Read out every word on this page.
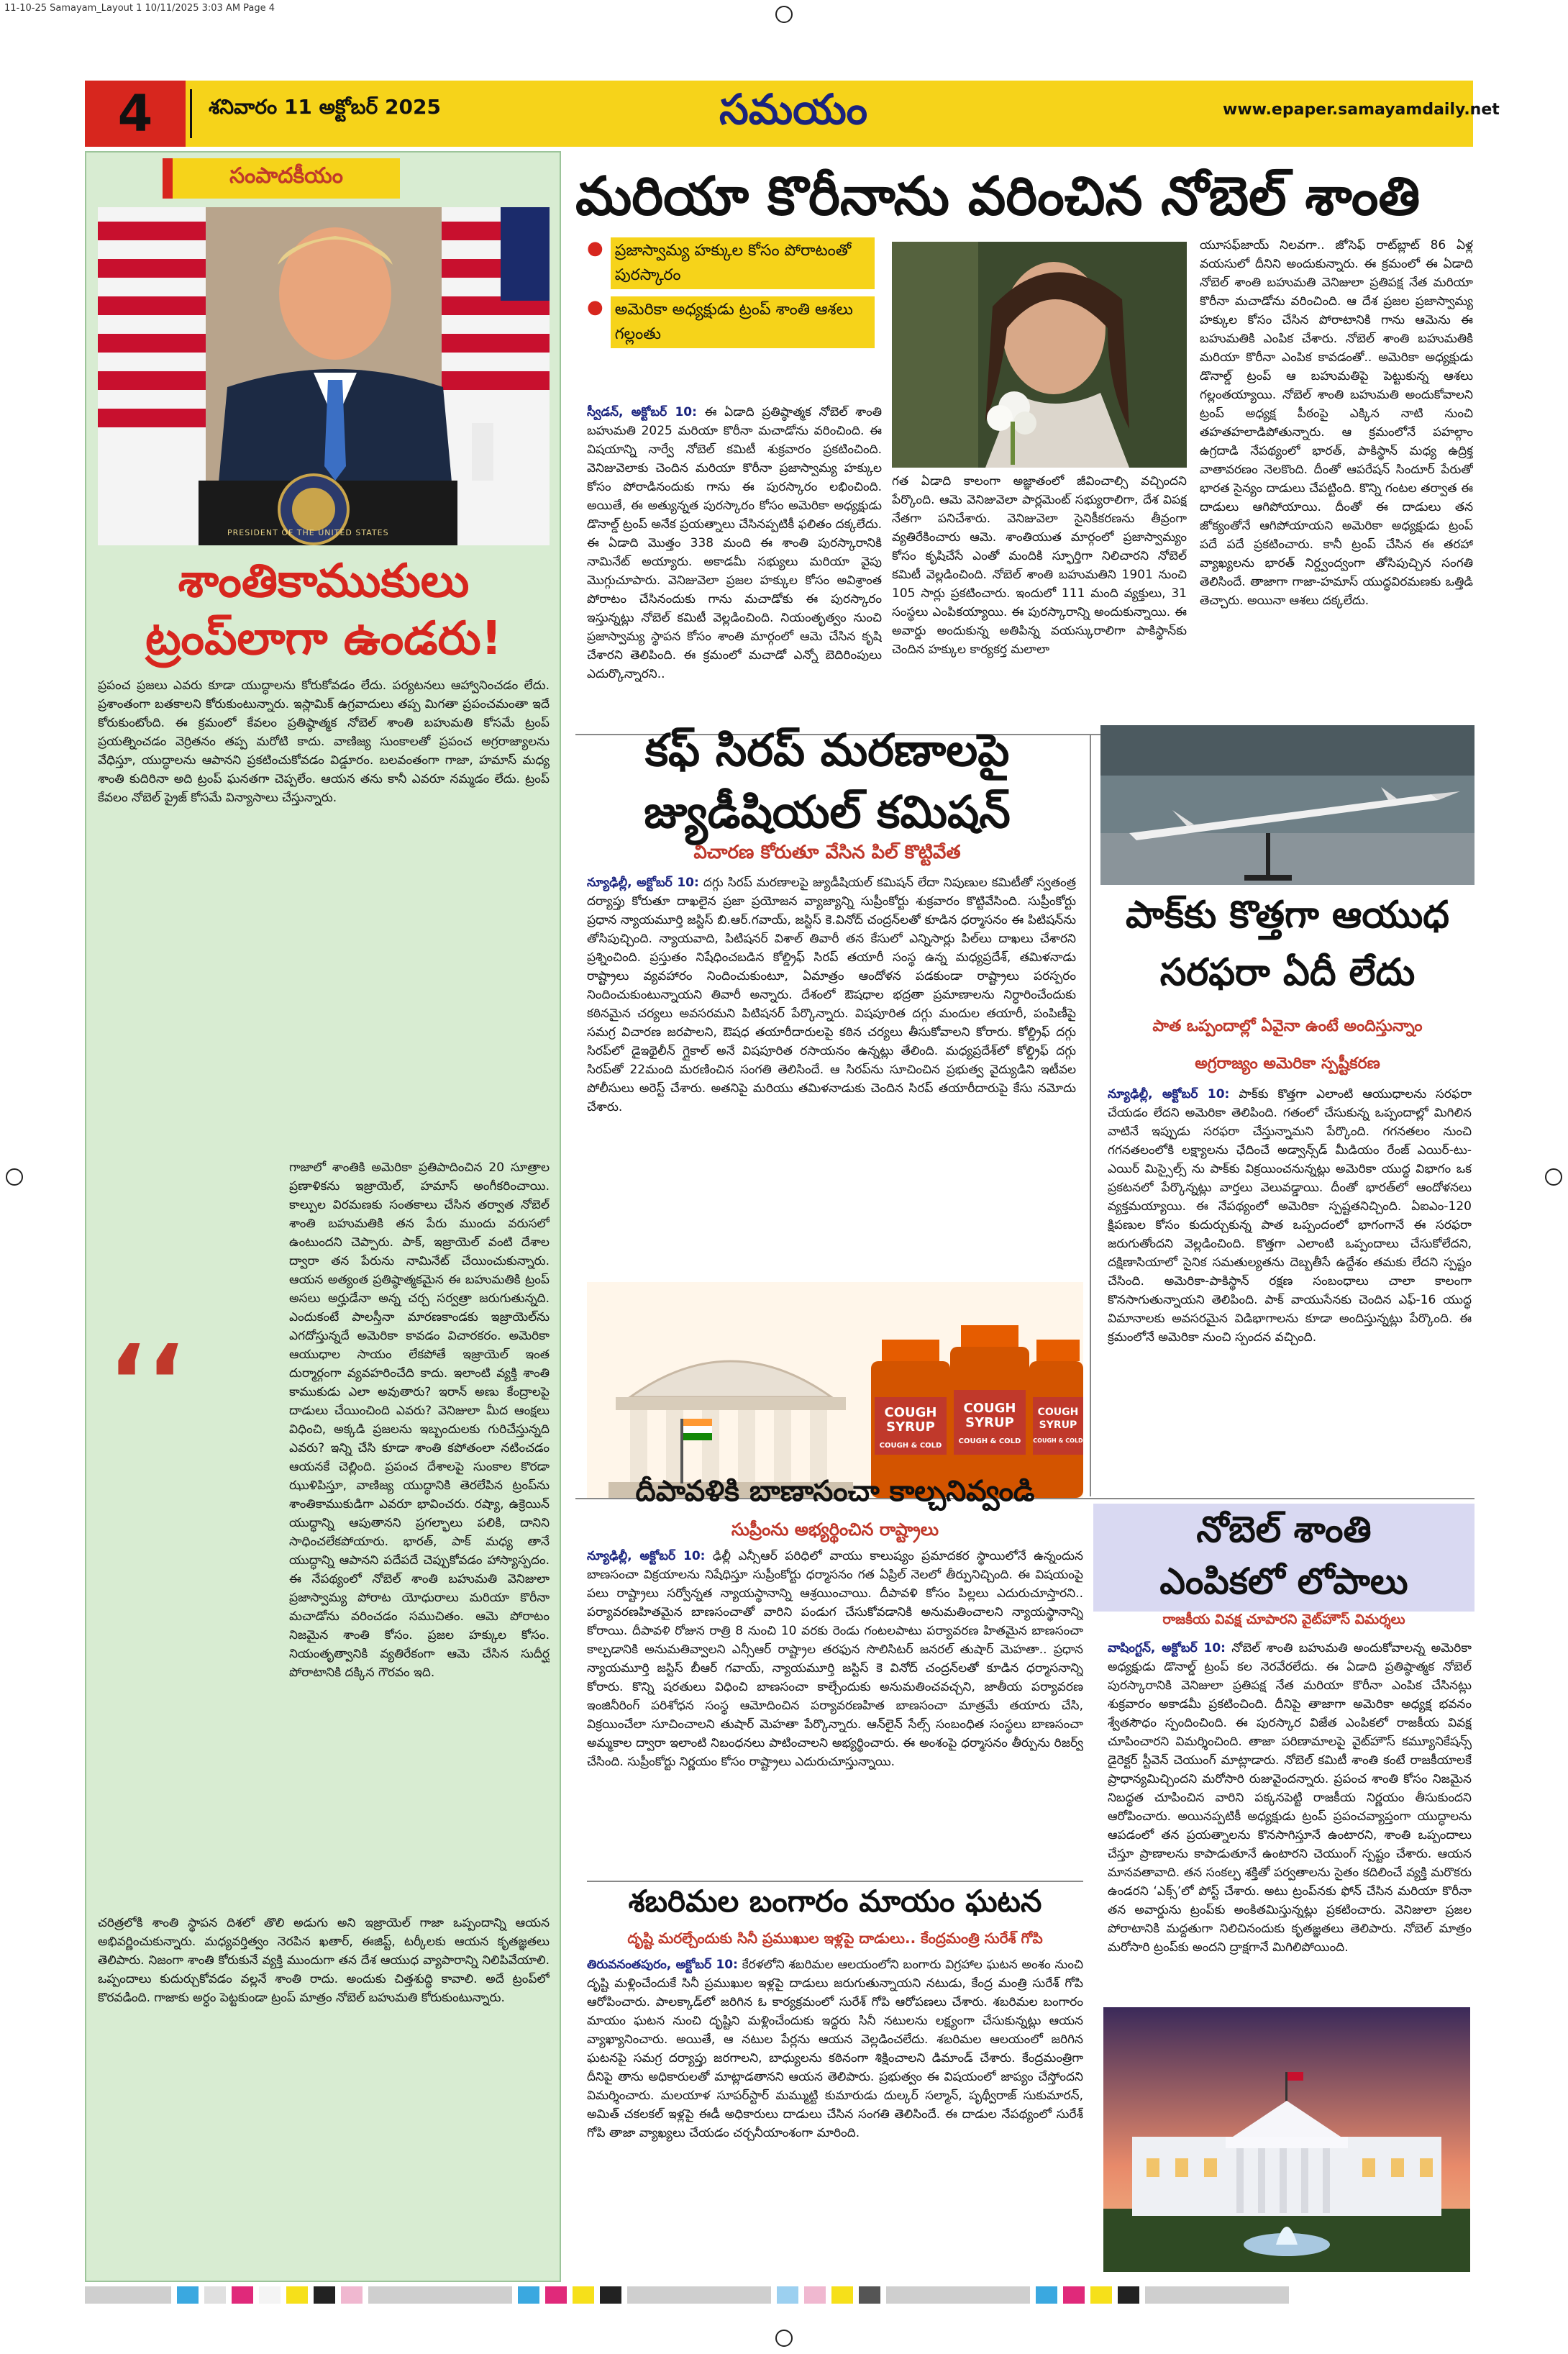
11-10-25 Samayam_Layout 1 10/11/2025 3:03 AM Page 4
4	శనివారం 11 అక్టోబర్ 2025	సమయం	www.epaper.samayamdaily.net
సంపాదకీయం
PRESIDENT OF THE UNITED STATES
శాంతికాముకులు
ట్రంప్‌లాగా ఉండరు!

ప్రపంచ ప్రజలు ఎవరు కూడా యుద్ధాలను కోరుకోవడం లేదు. పర్యటనలు ఆహ్వానించడం లేదు. ప్రశాంతంగా బతకాలని కోరుకుంటున్నారు. ఇస్లామిక్ ఉగ్రవాదులు తప్ప మిగతా ప్రపంచమంతా ఇదే కోరుకుంటోంది. ఈ క్రమంలో కేవలం ప్రతిష్ఠాత్మక నోబెల్ శాంతి బహుమతి కోసమే ట్రంప్ ప్రయత్నించడం వెర్రితనం తప్ప మరోటి కాదు. వాణిజ్య సుంకాలతో ప్రపంచ అగ్రరాజ్యాలను వేధిస్తూ, యుద్ధాలను ఆపానని ప్రకటించుకోవడం విడ్డూరం. బలవంతంగా గాజా, హమాస్ మధ్య శాంతి కుదిరినా అది ట్రంప్ ఘనతగా చెప్పలేం. ఆయన తను కానీ ఎవరూ నమ్మడం లేదు. ట్రంప్ కేవలం నోబెల్ ప్రైజ్ కోసమే విన్యాసాలు చేస్తున్నారు.

‘‘

గాజాలో శాంతికి అమెరికా ప్రతిపాదించిన 20 సూత్రాల ప్రణాళికను ఇజ్రాయెల్, హమాస్ అంగీకరించాయి. కాల్పుల విరమణకు సంతకాలు చేసిన తర్వాత నోబెల్ శాంతి బహుమతికి తన పేరు ముందు వరుసలో ఉంటుందని చెప్పారు. పాక్, ఇజ్రాయెల్ వంటి దేశాల ద్వారా తన పేరును నామినేట్ చేయించుకున్నారు. ఆయన అత్యంత ప్రతిష్ఠాత్మకమైన ఈ బహుమతికి ట్రంప్ అసలు అర్హుడేనా అన్న చర్చ సర్వత్రా జరుగుతున్నది. ఎందుకంటే పాలస్తీనా మారణకాండకు ఇజ్రాయెల్‌ను ఎగదోస్తున్నదే అమెరికా కావడం విచారకరం. అమెరికా ఆయుధాల సాయం లేకపోతే ఇజ్రాయెల్ ఇంత దుర్మార్గంగా వ్యవహరించేది కాదు. ఇలాంటి వ్యక్తి శాంతి కాముకుడు ఎలా అవుతారు? ఇరాన్ అణు కేంద్రాలపై దాడులు చేయించింది ఎవరు? వెనిజులా మీద ఆంక్షలు విధించి, అక్కడి ప్రజలను ఇబ్బందులకు గురిచేస్తున్నది ఎవరు? ఇన్ని చేసి కూడా శాంతి కపోతంలా నటించడం ఆయనకే చెల్లింది. ప్రపంచ దేశాలపై సుంకాల కొరడా ఝుళిపిస్తూ, వాణిజ్య యుద్ధానికి తెరలేపిన ట్రంప్‌ను శాంతికాముకుడిగా ఎవరూ భావించరు. రష్యా, ఉక్రెయిన్ యుద్ధాన్ని ఆపుతానని ప్రగల్భాలు పలికి, దానిని సాధించలేకపోయారు. భారత్, పాక్ మధ్య తానే యుద్ధాన్ని ఆపానని పదేపదే చెప్పుకోవడం హాస్యాస్పదం. ఈ నేపథ్యంలో నోబెల్ శాంతి బహుమతి వెనిజులా ప్రజాస్వామ్య పోరాట యోధురాలు మరియా కొరీనా మచాడోను వరించడం సముచితం. ఆమె పోరాటం నిజమైన శాంతి కోసం. ప్రజల హక్కుల కోసం. నియంతృత్వానికి వ్యతిరేకంగా ఆమె చేసిన సుదీర్ఘ పోరాటానికి దక్కిన గౌరవం ఇది.

చరిత్రలోకి శాంతి స్థాపన దిశలో తొలి అడుగు అని ఇజ్రాయెల్ గాజా ఒప్పందాన్ని ఆయన అభివర్ణించుకున్నారు. మధ్యవర్తిత్వం నెరపిన ఖతార్, ఈజిప్ట్, టర్కీలకు ఆయన కృతజ్ఞతలు తెలిపారు. నిజంగా శాంతి కోరుకునే వ్యక్తి ముందుగా తన దేశ ఆయుధ వ్యాపారాన్ని నిలిపివేయాలి. ఒప్పందాలు కుదుర్చుకోవడం వల్లనే శాంతి రాదు. అందుకు చిత్తశుద్ధి కావాలి. అదే ట్రంప్‌లో కొరవడింది. గాజాకు అర్ధం పెట్టకుండా ట్రంప్ మాత్రం నోబెల్ బహుమతి కోరుకుంటున్నారు.

మరియా కొరీనాను వరించిన నోబెల్ శాంతి
● ప్రజాస్వామ్య హక్కుల కోసం పోరాటంతో పురస్కారం
● అమెరికా అధ్యక్షుడు ట్రంప్ శాంతి ఆశలు గల్లంతు
స్వీడన్, అక్టోబర్ 10: ఈ ఏడాది ప్రతిష్ఠాత్మక నోబెల్ శాంతి బహుమతి 2025 మరియా కొరీనా మచాడోను వరించింది. ఈ విషయాన్ని నార్వే నోబెల్ కమిటీ శుక్రవారం ప్రకటించింది. వెనిజువెలాకు చెందిన మరియా కొరీనా ప్రజాస్వామ్య హక్కుల కోసం పోరాడినందుకు గాను ఈ పురస్కారం లభించింది. అయితే, ఈ అత్యున్నత పురస్కారం కోసం అమెరికా అధ్యక్షుడు డొనాల్డ్ ట్రంప్ అనేక ప్రయత్నాలు చేసినప్పటికీ ఫలితం దక్కలేదు. ఈ ఏడాది మొత్తం 338 మంది ఈ శాంతి పురస్కారానికి నామినేట్ అయ్యారు. అకాడమీ సభ్యులు మరియా వైపు మొగ్గుచూపారు. వెనిజువెలా ప్రజల హక్కుల కోసం అవిశ్రాంత పోరాటం చేసినందుకు గాను మచాడోకు ఈ పురస్కారం ఇస్తున్నట్లు నోబెల్ కమిటీ వెల్లడించింది. నియంతృత్వం నుంచి ప్రజాస్వామ్య స్థాపన కోసం శాంతి మార్గంలో ఆమె చేసిన కృషి చేశారని తెలిపింది. ఈ క్రమంలో మచాడో ఎన్నో బెదిరింపులు ఎదుర్కొన్నారని..

గత ఏడాది కాలంగా అజ్ఞాతంలో జీవించాల్సి వచ్చిందని పేర్కొంది. ఆమె వెనిజువెలా పార్లమెంట్ సభ్యురాలిగా, దేశ విపక్ష నేతగా పనిచేశారు. వెనిజువెలా సైనికీకరణను తీవ్రంగా వ్యతిరేకించారు ఆమె. శాంతియుత మార్గంలో ప్రజాస్వామ్యం కోసం కృషిచేసే ఎంతో మందికి స్ఫూర్తిగా నిలిచారని నోబెల్ కమిటీ వెల్లడించింది. నోబెల్ శాంతి బహుమతిని 1901 నుంచి 105 సార్లు ప్రకటించారు. ఇందులో 111 మంది వ్యక్తులు, 31 సంస్థలు ఎంపికయ్యాయి. ఈ పురస్కారాన్ని అందుకున్నాయి. ఈ అవార్డు అందుకున్న అతిపిన్న వయస్కురాలిగా పాకిస్థాన్‌కు చెందిన హక్కుల కార్యకర్త మలాలా

యూసఫ్‌జాయ్ నిలవగా.. జోసెఫ్ రాట్‌బ్లాట్ 86 ఏళ్ల వయసులో దీనిని అందుకున్నారు. ఈ క్రమంలో ఈ ఏడాది నోబెల్ శాంతి బహుమతి వెనిజులా ప్రతిపక్ష నేత మరియా కొరీనా మచాడోను వరించింది. ఆ దేశ ప్రజల ప్రజాస్వామ్య హక్కుల కోసం చేసిన పోరాటానికి గాను ఆమెను ఈ బహుమతికి ఎంపిక చేశారు. నోబెల్ శాంతి బహుమతికి మరియా కొరీనా ఎంపిక కావడంతో.. అమెరికా అధ్యక్షుడు డొనాల్డ్ ట్రంప్ ఆ బహుమతిపై పెట్టుకున్న ఆశలు గల్లంతయ్యాయి. నోబెల్ శాంతి బహుమతి అందుకోవాలని ట్రంప్ అధ్యక్ష పీఠంపై ఎక్కిన నాటి నుంచి తహతహలాడిపోతున్నారు. ఆ క్రమంలోనే పహల్గాం ఉగ్రదాడి నేపథ్యంలో భారత్, పాకిస్థాన్ మధ్య ఉద్రిక్త వాతావరణం నెలకొంది. దీంతో ఆపరేషన్ సిందూర్ పేరుతో భారత సైన్యం దాడులు చేపట్టింది. కొన్ని గంటల తర్వాత ఈ దాడులు ఆగిపోయాయి. దీంతో ఈ దాడులు తన జోక్యంతోనే ఆగిపోయాయని అమెరికా అధ్యక్షుడు ట్రంప్ పదే పదే ప్రకటించారు. కానీ ట్రంప్ చేసిన ఈ తరహా వ్యాఖ్యలను భారత్ నిర్ద్వంద్వంగా తోసిపుచ్చిన సంగతి తెలిసిందే. తాజాగా గాజా-హమాస్ యుద్ధవిరమణకు ఒత్తిడి తెచ్చారు. అయినా ఆశలు దక్కలేదు.

కఫ్ సిరప్ మరణాలపై
జ్యుడీషియల్ కమిషన్
విచారణ కోరుతూ వేసిన పిల్ కొట్టివేత
న్యూఢిల్లీ, అక్టోబర్ 10: దగ్గు సిరప్ మరణాలపై జ్యుడీషియల్ కమిషన్ లేదా నిపుణుల కమిటీతో స్వతంత్ర దర్యాప్తు కోరుతూ దాఖలైన ప్రజా ప్రయోజన వ్యాజ్యాన్ని సుప్రీంకోర్టు శుక్రవారం కొట్టివేసింది. సుప్రీంకోర్టు ప్రధాన న్యాయమూర్తి జస్టిస్ బి.ఆర్.గవాయ్, జస్టిస్ కె.వినోద్ చంద్రన్‌లతో కూడిన ధర్మాసనం ఈ పిటిషన్‌ను తోసిపుచ్చింది. న్యాయవాది, పిటిషనర్ విశాల్ తివారీ తన కేసులో ఎన్నిసార్లు పిల్‌లు దాఖలు చేశారని ప్రశ్నించింది. ప్రస్తుతం నిషేధించబడిన కోల్డ్రిఫ్ సిరప్ తయారీ సంస్థ ఉన్న మధ్యప్రదేశ్, తమిళనాడు రాష్ట్రాలు వ్యవహారం నిందించుకుంటూ, ఏమాత్రం ఆందోళన పడకుండా రాష్ట్రాలు పరస్పరం నిందించుకుంటున్నాయని తివారీ అన్నారు. దేశంలో ఔషధాల భద్రతా ప్రమాణాలను నిర్ధారించేందుకు కఠినమైన చర్యలు అవసరమని పిటిషనర్ పేర్కొన్నారు. విషపూరిత దగ్గు మందుల తయారీ, పంపిణీపై సమగ్ర విచారణ జరపాలని, ఔషధ తయారీదారులపై కఠిన చర్యలు తీసుకోవాలని కోరారు. కోల్డ్రిఫ్ దగ్గు సిరప్‌లో డైఇథైలీన్ గ్లైకాల్ అనే విషపూరిత రసాయనం ఉన్నట్లు తేలింది. మధ్యప్రదేశ్‌లో కోల్డ్రిఫ్ దగ్గు సిరప్‌తో 22మంది మరణించిన సంగతి తెలిసిందే. ఆ సిరప్‌ను సూచించిన ప్రభుత్వ వైద్యుడిని ఇటీవల పోలీసులు అరెస్ట్ చేశారు. అతనిపై మరియు తమిళనాడుకు చెందిన సిరప్ తయారీదారుపై కేసు నమోదు చేశారు.
COUGH SYRUP
COUGH & COLD
COUGH SYRUP
COUGH & COLD
COUGH SYRUP
COUGH & COLD
పాక్‌కు కొత్తగా ఆయుధ
సరఫరా ఏదీ లేదు
పాత ఒప్పందాల్లో ఏవైనా ఉంటే అందిస్తున్నాం
అగ్రరాజ్యం అమెరికా స్పష్టీకరణ
న్యూఢిల్లీ, అక్టోబర్ 10: పాక్‌కు కొత్తగా ఎలాంటి ఆయుధాలను సరఫరా చేయడం లేదని అమెరికా తెలిపింది. గతంలో చేసుకున్న ఒప్పందాల్లో మిగిలిన వాటినే ఇప్పుడు సరఫరా చేస్తున్నామని పేర్కొంది. గగనతలం నుంచి గగనతలంలోకి లక్ష్యాలను ఛేదించే అడ్వాన్స్‌డ్ మీడియం రేంజ్ ఎయిర్-టు-ఎయిర్ మిస్సైల్స్ ను పాక్‌కు విక్రయించనున్నట్లు అమెరికా యుద్ధ విభాగం ఒక ప్రకటనలో పేర్కొన్నట్లు వార్తలు వెలువడ్డాయి. దీంతో భారత్‌లో ఆందోళనలు వ్యక్తమయ్యాయి. ఈ నేపథ్యంలో అమెరికా స్పష్టతనిచ్చింది. ఏఐఎం-120 క్షిపణుల కోసం కుదుర్చుకున్న పాత ఒప్పందంలో భాగంగానే ఈ సరఫరా జరుగుతోందని వెల్లడించింది. కొత్తగా ఎలాంటి ఒప్పందాలు చేసుకోలేదని, దక్షిణాసియాలో సైనిక సమతుల్యతను దెబ్బతీసే ఉద్దేశం తమకు లేదని స్పష్టం చేసింది. అమెరికా-పాకిస్థాన్ రక్షణ సంబంధాలు చాలా కాలంగా కొనసాగుతున్నాయని తెలిపింది. పాక్ వాయుసేనకు చెందిన ఎఫ్-16 యుద్ధ విమానాలకు అవసరమైన విడిభాగాలను కూడా అందిస్తున్నట్లు పేర్కొంది. ఈ క్రమంలోనే అమెరికా నుంచి స్పందన వచ్చింది.
దీపావళికి బాణాసంచా కాల్చనివ్వండి
సుప్రీంను అభ్యర్థించిన రాష్ట్రాలు
న్యూఢిల్లీ, అక్టోబర్ 10: ఢిల్లీ ఎన్సీఆర్ పరిధిలో వాయు కాలుష్యం ప్రమాదకర స్థాయిలోనే ఉన్నందున బాణసంచా విక్రయాలను నిషేధిస్తూ సుప్రీంకోర్టు ధర్మాసనం గత ఏప్రిల్ నెలలో తీర్పునిచ్చింది. ఈ విషయంపై పలు రాష్ట్రాలు సర్వోన్నత న్యాయస్థానాన్ని ఆశ్రయించాయి. దీపావళి కోసం పిల్లలు ఎదురుచూస్తారని.. పర్యావరణహితమైన బాణసంచాతో వారిని పండుగ చేసుకోవడానికి అనుమతించాలని న్యాయస్థానాన్ని కోరాయి. దీపావళి రోజున రాత్రి 8 నుంచి 10 వరకు రెండు గంటలపాటు పర్యావరణ హితమైన బాణసంచా కాల్చడానికి అనుమతివ్వాలని ఎన్సీఆర్ రాష్ట్రాల తరఫున సొలిసిటర్ జనరల్ తుషార్ మెహతా.. ప్రధాన న్యాయమూర్తి జస్టిస్ బీఆర్ గవాయ్, న్యాయమూర్తి జస్టిస్ కె వినోద్ చంద్రన్‌లతో కూడిన ధర్మాసనాన్ని కోరారు. కొన్ని షరతులు విధించి బాణసంచా కాల్చేందుకు అనుమతించవచ్చని, జాతీయ పర్యావరణ ఇంజినీరింగ్ పరిశోధన సంస్థ ఆమోదించిన పర్యావరణహిత బాణసంచా మాత్రమే తయారు చేసి, విక్రయించేలా సూచించాలని తుషార్ మెహతా పేర్కొన్నారు. ఆన్‌లైన్ సేల్స్ సంబంధిత సంస్థలు బాణసంచా అమ్మకాల ద్వారా ఇలాంటి నిబంధనలు పాటించాలని అభ్యర్థించారు. ఈ అంశంపై ధర్మాసనం తీర్పును రిజర్వ్ చేసింది. సుప్రీంకోర్టు నిర్ణయం కోసం రాష్ట్రాలు ఎదురుచూస్తున్నాయి.
శబరిమల బంగారం మాయం ఘటన
దృష్టి మరల్చేందుకు సినీ ప్రముఖుల ఇళ్లపై దాడులు.. కేంద్రమంత్రి సురేశ్ గోపి
తిరువనంతపురం, అక్టోబర్ 10: కేరళలోని శబరిమల ఆలయంలోని బంగారు విగ్రహాల ఘటన అంశం నుంచి దృష్టి మళ్లించేందుకే సినీ ప్రముఖుల ఇళ్లపై దాడులు జరుగుతున్నాయని నటుడు, కేంద్ర మంత్రి సురేశ్ గోపి ఆరోపించారు. పాలక్కాడ్‌లో జరిగిన ఓ కార్యక్రమంలో సురేశ్ గోపి ఆరోపణలు చేశారు. శబరిమల బంగారం మాయం ఘటన నుంచి దృష్టిని మళ్లించేందుకు ఇద్దరు సినీ నటులను లక్ష్యంగా చేసుకున్నట్లు ఆయన వ్యాఖ్యానించారు. అయితే, ఆ నటుల పేర్లను ఆయన వెల్లడించలేదు. శబరిమల ఆలయంలో జరిగిన ఘటనపై సమగ్ర దర్యాప్తు జరగాలని, బాధ్యులను కఠినంగా శిక్షించాలని డిమాండ్ చేశారు. కేంద్రమంత్రిగా దీనిపై తాను అధికారులతో మాట్లాడతానని ఆయన తెలిపారు. ప్రభుత్వం ఈ విషయంలో జాప్యం చేస్తోందని విమర్శించారు. మలయాళ సూపర్‌స్టార్ మమ్ముట్టి కుమారుడు దుల్కర్ సల్మాన్, పృథ్వీరాజ్ సుకుమారన్, అమిత్ చకలకల్ ఇళ్లపై ఈడీ అధికారులు దాడులు చేసిన సంగతి తెలిసిందే. ఈ దాడుల నేపథ్యంలో సురేశ్ గోపి తాజా వ్యాఖ్యలు చేయడం చర్చనీయాంశంగా మారింది.
నోబెల్ శాంతి
ఎంపికలో లోపాలు
రాజకీయ వివక్ష చూపారని వైట్‌హౌస్ విమర్శలు
వాషింగ్టన్, అక్టోబర్ 10: నోబెల్ శాంతి బహుమతి అందుకోవాలన్న అమెరికా అధ్యక్షుడు డొనాల్డ్ ట్రంప్ కల నెరవేరలేదు. ఈ ఏడాది ప్రతిష్ఠాత్మక నోబెల్ పురస్కారానికి వెనిజులా ప్రతిపక్ష నేత మరియా కొరీనా ఎంపిక చేసినట్లు శుక్రవారం అకాడమీ ప్రకటించింది. దీనిపై తాజాగా అమెరికా అధ్యక్ష భవనం శ్వేతసౌధం స్పందించింది. ఈ పురస్కార విజేత ఎంపికలో రాజకీయ వివక్ష చూపించారని విమర్శించింది. తాజా పరిణామాలపై వైట్‌హౌస్ కమ్యూనికేషన్స్ డైరెక్టర్ స్టీవెన్ చెయుంగ్ మాట్లాడారు. నోబెల్ కమిటీ శాంతి కంటే రాజకీయాలకే ప్రాధాన్యమిచ్చిందని మరోసారి రుజువైందన్నారు. ప్రపంచ శాంతి కోసం నిజమైన నిబద్ధత చూపించిన వారిని పక్కనపెట్టి రాజకీయ నిర్ణయం తీసుకుందని ఆరోపించారు. అయినప్పటికీ అధ్యక్షుడు ట్రంప్ ప్రపంచవ్యాప్తంగా యుద్ధాలను ఆపడంలో తన ప్రయత్నాలను కొనసాగిస్తూనే ఉంటారని, శాంతి ఒప్పందాలు చేస్తూ ప్రాణాలను కాపాడుతూనే ఉంటారని చెయుంగ్ స్పష్టం చేశారు. ఆయన మానవతావాది. తన సంకల్ప శక్తితో పర్వతాలను సైతం కదిలించే వ్యక్తి మరొకరు ఉండరని ‘ఎక్స్’లో పోస్ట్ చేశారు. అటు ట్రంప్‌నకు ఫోన్ చేసిన మరియా కొరీనా తన అవార్డును ట్రంప్‌కు అంకితమిస్తున్నట్లు ప్రకటించారు. వెనిజులా ప్రజల పోరాటానికి మద్దతుగా నిలిచినందుకు కృతజ్ఞతలు తెలిపారు. నోబెల్ మాత్రం మరోసారి ట్రంప్‌కు అందని ద్రాక్షగానే మిగిలిపోయింది.
